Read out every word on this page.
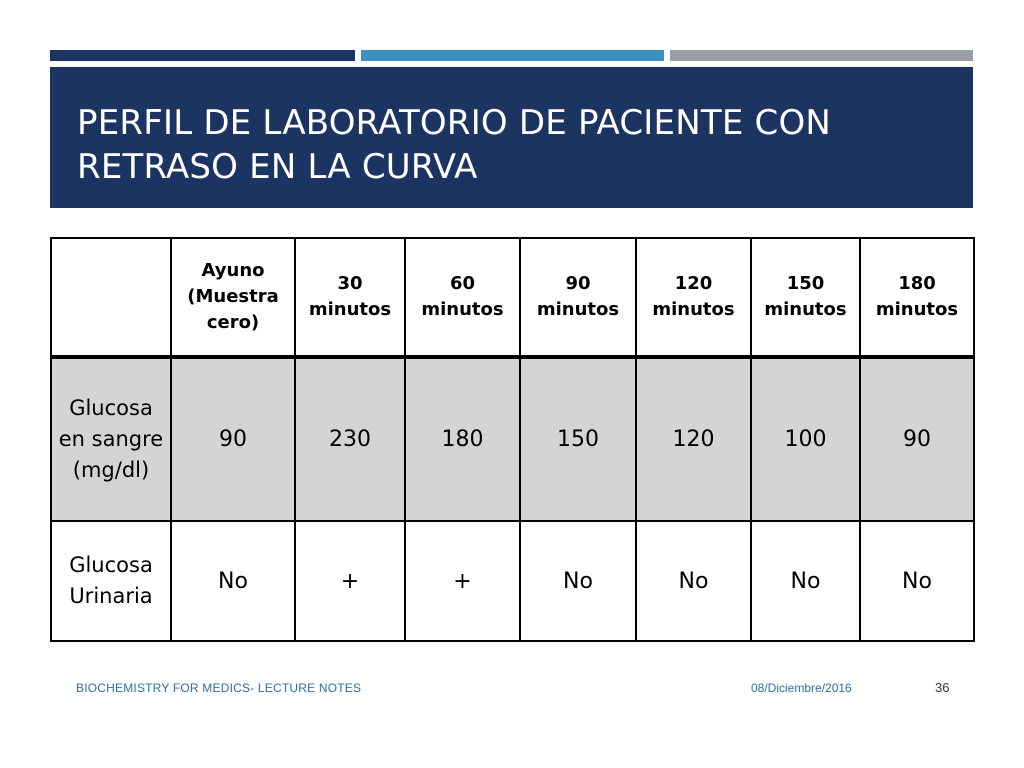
PERFIL DE LABORATORIO DE PACIENTE CON RETRASO EN LA CURVA
	Ayuno (Muestra cero)	30 minutos	60 minutos	90 minutos	120 minutos	150 minutos	180 minutos
Glucosa en sangre (mg/dl)	90	230	180	150	120	100	90
Glucosa Urinaria	No	+	+	No	No	No	No
BIOCHEMISTRY FOR MEDICS- LECTURE NOTES	08/Diciembre/2016	36
